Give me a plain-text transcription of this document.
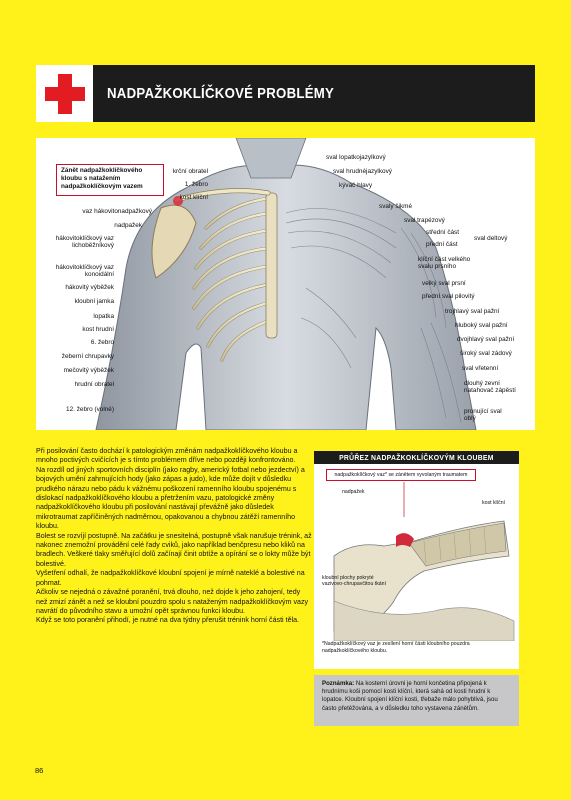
NADPAŽKOKLÍČKOVÉ PROBLÉMY
Zánět nadpažkoklíčkového kloubu s natažením nadpažkoklíčkovým vazem
krční obratel
1. žebro
kost klíční
vaz hákovitonadpažkový
nadpažek
hákovitoklíčkový vaz lichoběžníkový
hákovitoklíčkový vaz konoidální
hákovitý výběžek
kloubní jamka
lopatka
kost hrudní
6. žebro
žeberní chrupavky
mečovitý výběžek
hrudní obratel
12. žebro (volné)
sval lopatkojazylkový
sval hrudnéjazylkový
kývač hlavy
svaly šikmé
sval trapézový
střední část
přední část
sval deltový
klíční část velkého svalu prsního
velký sval prsní
přední sval pilovitý
trojhlavý sval pažní
hluboký sval pažní
dvojhlavý sval pažní
široký sval zádový
sval vřetenní
dlouhý zevní natahovač zápěstí
pronující sval oblý

Při posilování často dochází k patologickým změnám nadpažkoklíčkového kloubu a mnoho poctivých cvičících je s tímto problémem dříve nebo později konfrontováno.

Na rozdíl od jiných sportovních disciplín (jako ragby, americký fotbal nebo jezdectví) a bojových umění zahrnujících hody (jako zápas a judo), kde může dojít v důsledku prudkého nárazu nebo pádu k vážnému poškození ramenního kloubu spojenému s dislokací nadpažkoklíčkového kloubu a přetržením vazu, patologické změny nadpažkoklíčkového kloubu při posilování nastávají převážně jako důsledek mikrotraumat zapříčiněných nadměrnou, opakovanou a chybnou zátěží ramenního kloubu.

Bolest se rozvíjí postupně. Na začátku je snesitelná, postupně však narušuje trénink, až nakonec znemožní provádění celé řady cviků, jako například benčpresu nebo kliků na bradlech. Veškeré tlaky směřující dolů začínají činit obtíže a opírání se o lokty může být bolestivé.

Vyšetření odhalí, že nadpažkoklíčkové kloubní spojení je mírně nateklé a bolestivé na pohmat.

Ačkoliv se nejedná o závažné poranění, trvá dlouho, než dojde k jeho zahojení, tedy než zmizí zánět a než se kloubní pouzdro spolu s nataženým nadpažkoklíčkovým vazy navrátí do původního stavu a umožní opět správnou funkci kloubu.

Když se toto poranění přihodí, je nutné na dva týdny přerušit trénink horní části těla.

PRŮŘEZ NADPAŽKOKLÍČKOVÝM KLOUBEM
nadpažkoklíčkový vaz* se zánětem vyvolaným traumatem
nadpažek
kost klíční
kloubní plochy pokryté vazivovo-chrupavčitou tkání
*Nadpažkoklíčkový vaz je zesílení horní části kloubního pouzdra nadpažkoklíčkového kloubu.
Poznámka: Na kosterní úrovni je horní končetina připojená k hrudnímu koši pomocí kosti klíční, která sahá od kosti hrudní k lopatce. Kloubní spojení klíční kosti, třebaže málo pohyblivá, jsou často přetěžována, a v důsledku toho vystavena zánětům.
86
